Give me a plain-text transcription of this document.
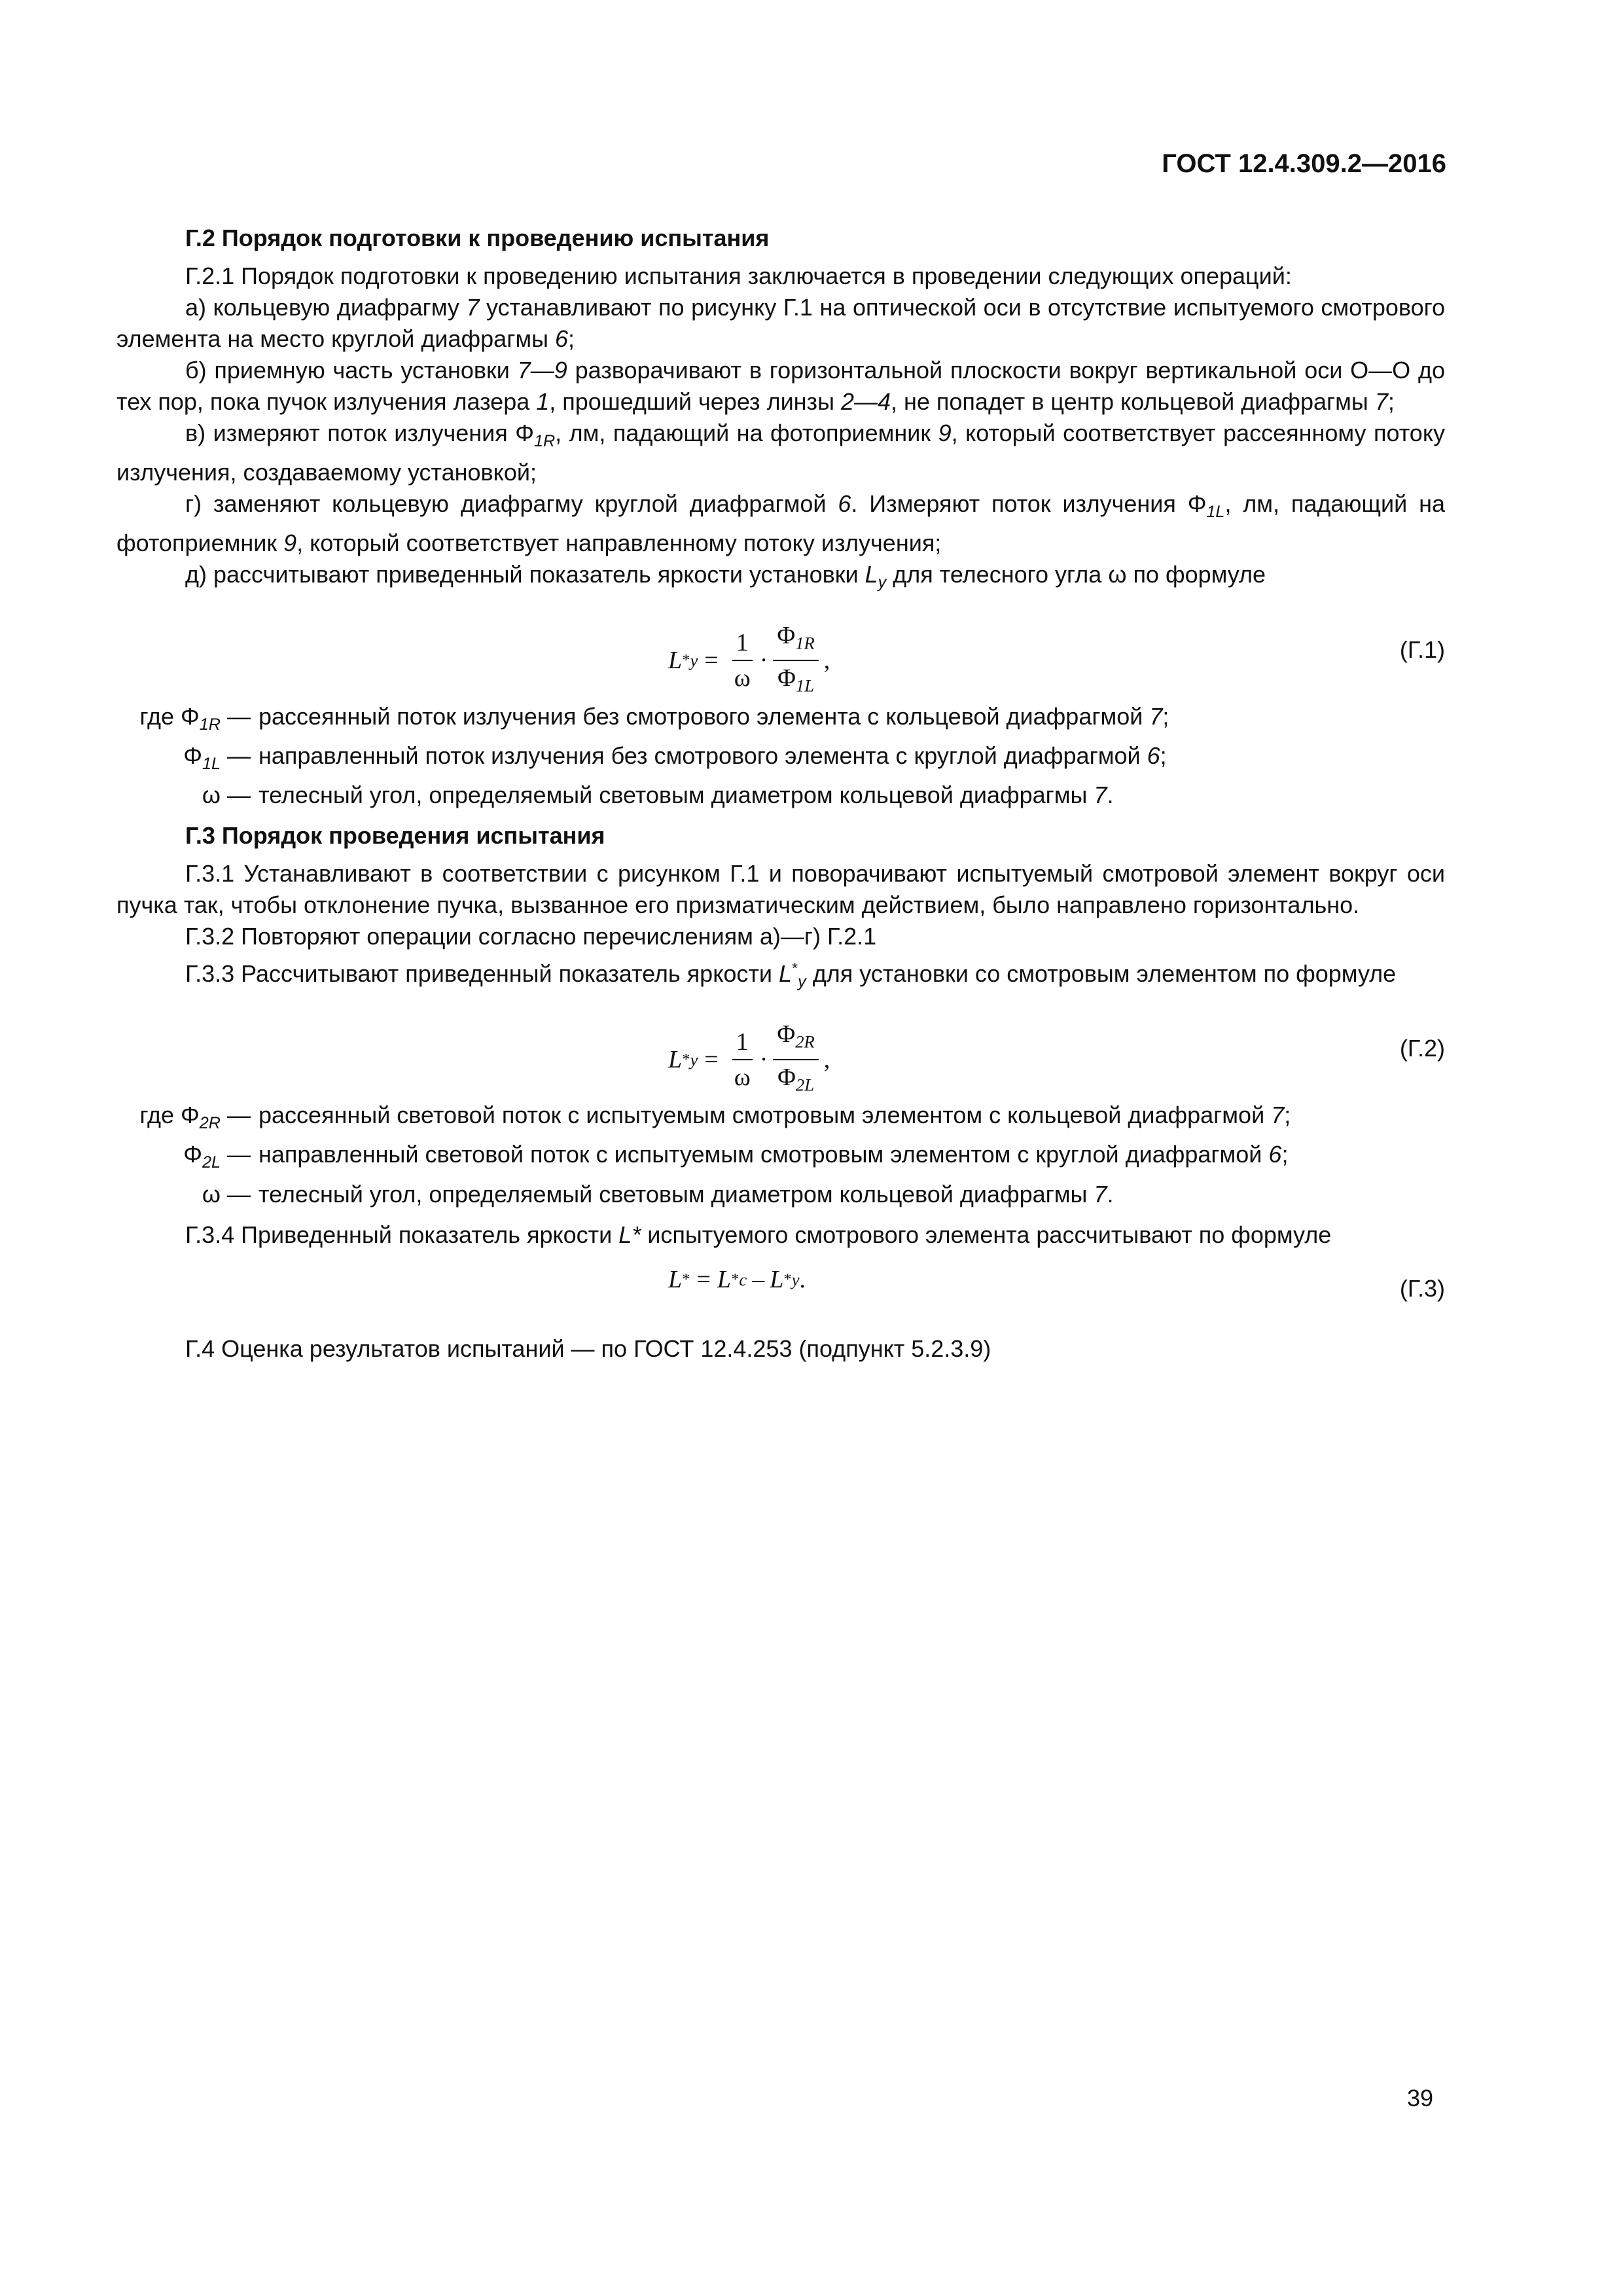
ГОСТ 12.4.309.2—2016

Г.2 Порядок подготовки к проведению испытания

Г.2.1 Порядок подготовки к проведению испытания заключается в проведении следующих операций:

а) кольцевую диафрагму 7 устанавливают по рисунку Г.1 на оптической оси в отсутствие испытуемого смотрового элемента на место круглой диафрагмы 6;

б) приемную часть установки 7—9 разворачивают в горизонтальной плоскости вокруг вертикальной оси О—О до тех пор, пока пучок излучения лазера 1, прошедший через линзы 2—4, не попадет в центр кольцевой диафрагмы 7;

в) измеряют поток излучения $\Phi_{1R}$, лм, падающий на фотоприемник 9, который соответствует рассеянному потоку излучения, создаваемому установкой;

г) заменяют кольцевую диафрагму круглой диафрагмой 6. Измеряют поток излучения $\Phi_{1L}$, лм, падающий на фотоприемник 9, который соответствует направленному потоку излучения;

д) рассчитывают приведенный показатель яркости установки $L_y$ для телесного угла ω по формуле

$L * y = \frac{1}{\omega} \cdot \frac{\Phi_{1R}}{\Phi_{1L}}$ ,	(Г.1)
где $\Phi_{1R}$ — рассеянный поток излучения без смотрового элемента с кольцевой диафрагмой 7;
$\Phi_{1L}$ — направленный поток излучения без смотрового элемента с круглой диафрагмой 6;
ω — телесный угол, определяемый световым диаметром кольцевой диафрагмы 7.

Г.3 Порядок проведения испытания

Г.3.1 Устанавливают в соответствии с рисунком Г.1 и поворачивают испытуемый смотровой элемент вокруг оси пучка так, чтобы отклонение пучка, вызванное его призматическим действием, было направлено горизонтально.

Г.3.2 Повторяют операции согласно перечислениям а)—г) Г.2.1

Г.3.3 Рассчитывают приведенный показатель яркости $L^*_y$ для установки со смотровым элементом по формуле

$L * y = \frac{1}{\omega} \cdot \frac{\Phi_{2R}}{\Phi_{2L}}$ ,	(Г.2)
где $\Phi_{2R}$ — рассеянный световой поток с испытуемым смотровым элементом с кольцевой диафрагмой 7;
$\Phi_{2L}$ — направленный световой поток с испытуемым смотровым элементом с круглой диафрагмой 6;
ω — телесный угол, определяемый световым диаметром кольцевой диафрагмы 7.

Г.3.4 Приведенный показатель яркости L* испытуемого смотрового элемента рассчитывают по формуле

L * = L * c – L * y .	(Г.3)

Г.4 Оценка результатов испытаний — по ГОСТ 12.4.253 (подпункт 5.2.3.9)

39
